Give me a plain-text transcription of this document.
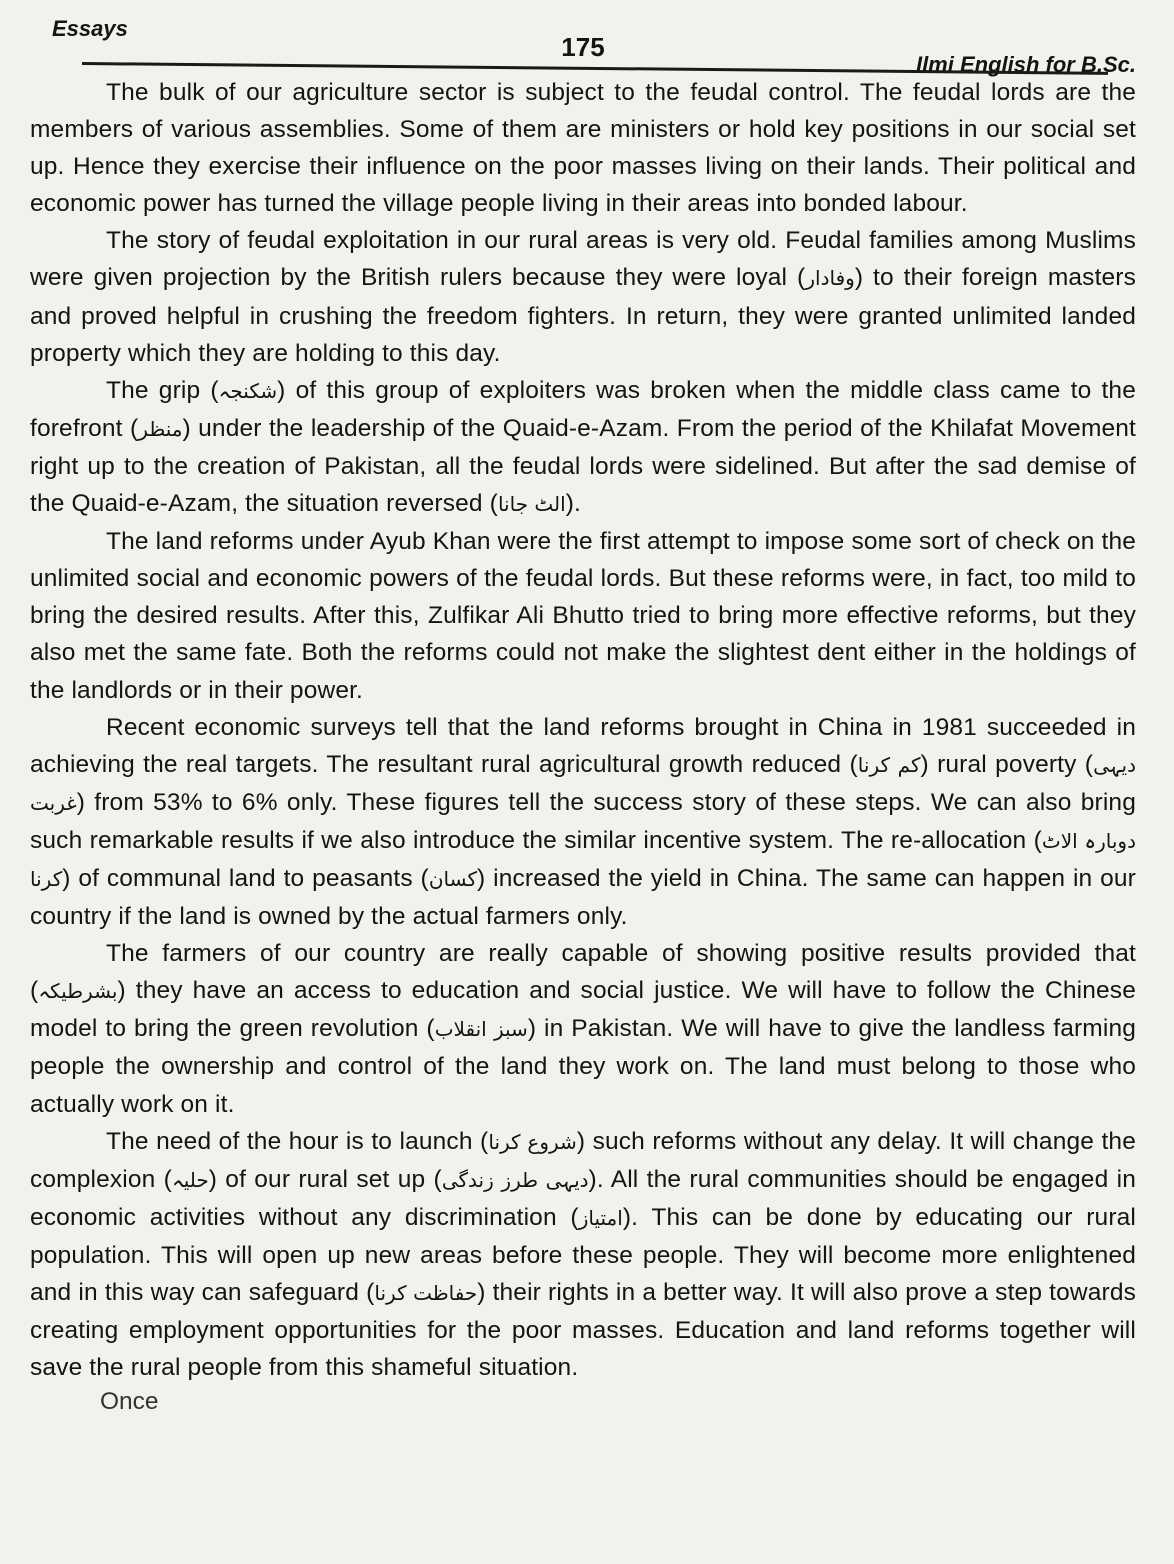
Essays
175
Ilmi English for B.Sc.

The bulk of our agriculture sector is subject to the feudal control. The feudal lords are the members of various assemblies. Some of them are ministers or hold key positions in our social set up. Hence they exercise their influence on the poor masses living on their lands. Their political and economic power has turned the village people living in their areas into bonded labour.

The story of feudal exploitation in our rural areas is very old. Feudal families among Muslims were given projection by the British rulers because they were loyal (وفادار) to their foreign masters and proved helpful in crushing the freedom fighters. In return, they were granted unlimited landed property which they are holding to this day.

The grip (شکنجہ) of this group of exploiters was broken when the middle class came to the forefront (منظر) under the leadership of the Quaid-e-Azam. From the period of the Khilafat Movement right up to the creation of Pakistan, all the feudal lords were sidelined. But after the sad demise of the Quaid-e-Azam, the situation reversed (الٹ جانا).

The land reforms under Ayub Khan were the first attempt to impose some sort of check on the unlimited social and economic powers of the feudal lords. But these reforms were, in fact, too mild to bring the desired results. After this, Zulfikar Ali Bhutto tried to bring more effective reforms, but they also met the same fate. Both the reforms could not make the slightest dent either in the holdings of the landlords or in their power.

Recent economic surveys tell that the land reforms brought in China in 1981 succeeded in achieving the real targets. The resultant rural agricultural growth reduced (کم کرنا) rural poverty (دیہی غربت) from 53% to 6% only. These figures tell the success story of these steps. We can also bring such remarkable results if we also introduce the similar incentive system. The re-allocation (دوبارہ الاٹ کرنا) of communal land to peasants (کسان) increased the yield in China. The same can happen in our country if the land is owned by the actual farmers only.

The farmers of our country are really capable of showing positive results provided that (بشرطیکہ) they have an access to education and social justice. We will have to follow the Chinese model to bring the green revolution (سبز انقلاب) in Pakistan. We will have to give the landless farming people the ownership and control of the land they work on. The land must belong to those who actually work on it.

The need of the hour is to launch (شروع کرنا) such reforms without any delay. It will change the complexion (حلیہ) of our rural set up (دیہی طرز زندگی). All the rural communities should be engaged in economic activities without any discrimination (امتیاز). This can be done by educating our rural population. This will open up new areas before these people. They will become more enlightened and in this way can safeguard (حفاظت کرنا) their rights in a better way. It will also prove a step towards creating employment opportunities for the poor masses. Education and land reforms together will save the rural people from this shameful situation.

Once
